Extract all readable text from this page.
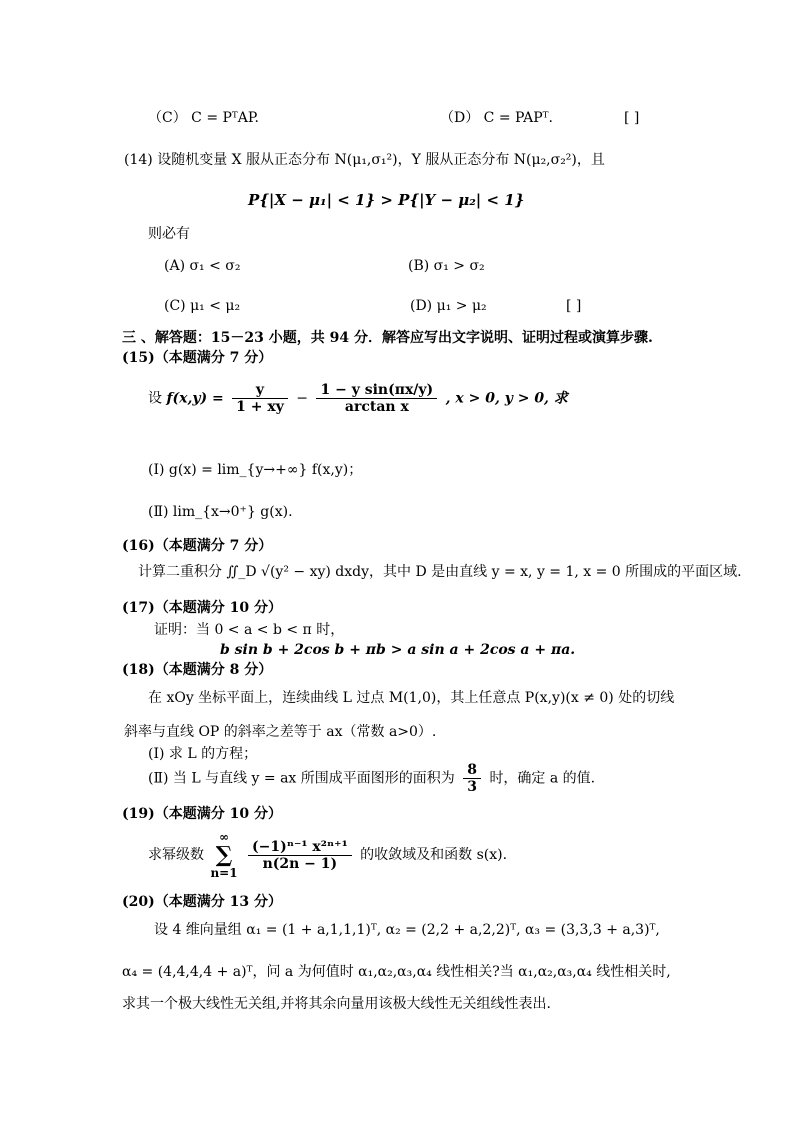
（C） C = PᵀAP.	（D） C = PAPᵀ.	[ ]
(14) 设随机变量 X 服从正态分布 N(μ₁,σ₁²)，Y 服从正态分布 N(μ₂,σ₂²)，且
P{|X − μ₁| < 1} > P{|Y − μ₂| < 1}
则必有
(A) σ₁ < σ₂	(B) σ₁ > σ₂
(C) μ₁ < μ₂	(D) μ₁ > μ₂	[ ]
三 、解答题：15－23 小题，共 94 分．解答应写出文字说明、证明过程或演算步骤.
(15)（本题满分 7 分）
设 $f(x,y) = \frac{y}{1 + xy} - \frac{\text{1 − y sin(πx/y)}}{\text{arctan x}}$ , x > 0, y > 0, 求
(Ⅰ) g(x) = lim_{y→+∞} f(x,y)；
(Ⅱ) lim_{x→0⁺} g(x).
(16)（本题满分 7 分）
计算二重积分 ∬_D √(y² − xy) dxdy，其中 D 是由直线 y = x, y = 1, x = 0 所围成的平面区域.
(17)（本题满分 10 分）
证明：当 0 < a < b < π 时，
b sin b + 2cos b + πb > a sin a + 2cos a + πa.
(18)（本题满分 8 分）
在 xOy 坐标平面上，连续曲线 L 过点 M(1,0)，其上任意点 P(x,y)(x ≠ 0) 处的切线
斜率与直线 OP 的斜率之差等于 ax（常数 a>0）.
(Ⅰ) 求 L 的方程；
(Ⅱ) 当 L 与直线 y = ax 所围成平面图形的面积为 $\frac{8}{3}$ 时，确定 a 的值.
(19)（本题满分 10 分）
求幂级数
∞
∑
n=1

$\frac{\text{(−1)ⁿ⁻¹ x²ⁿ⁺¹}}{n(2n - 1)}$ 的收敛域及和函数 s(x).
(20)（本题满分 13 分）
设 4 维向量组 α₁ = (1 + a,1,1,1)ᵀ, α₂ = (2,2 + a,2,2)ᵀ, α₃ = (3,3,3 + a,3)ᵀ,
α₄ = (4,4,4,4 + a)ᵀ，问 a 为何值时 α₁,α₂,α₃,α₄ 线性相关?当 α₁,α₂,α₃,α₄ 线性相关时,
求其一个极大线性无关组,并将其余向量用该极大线性无关组线性表出.
